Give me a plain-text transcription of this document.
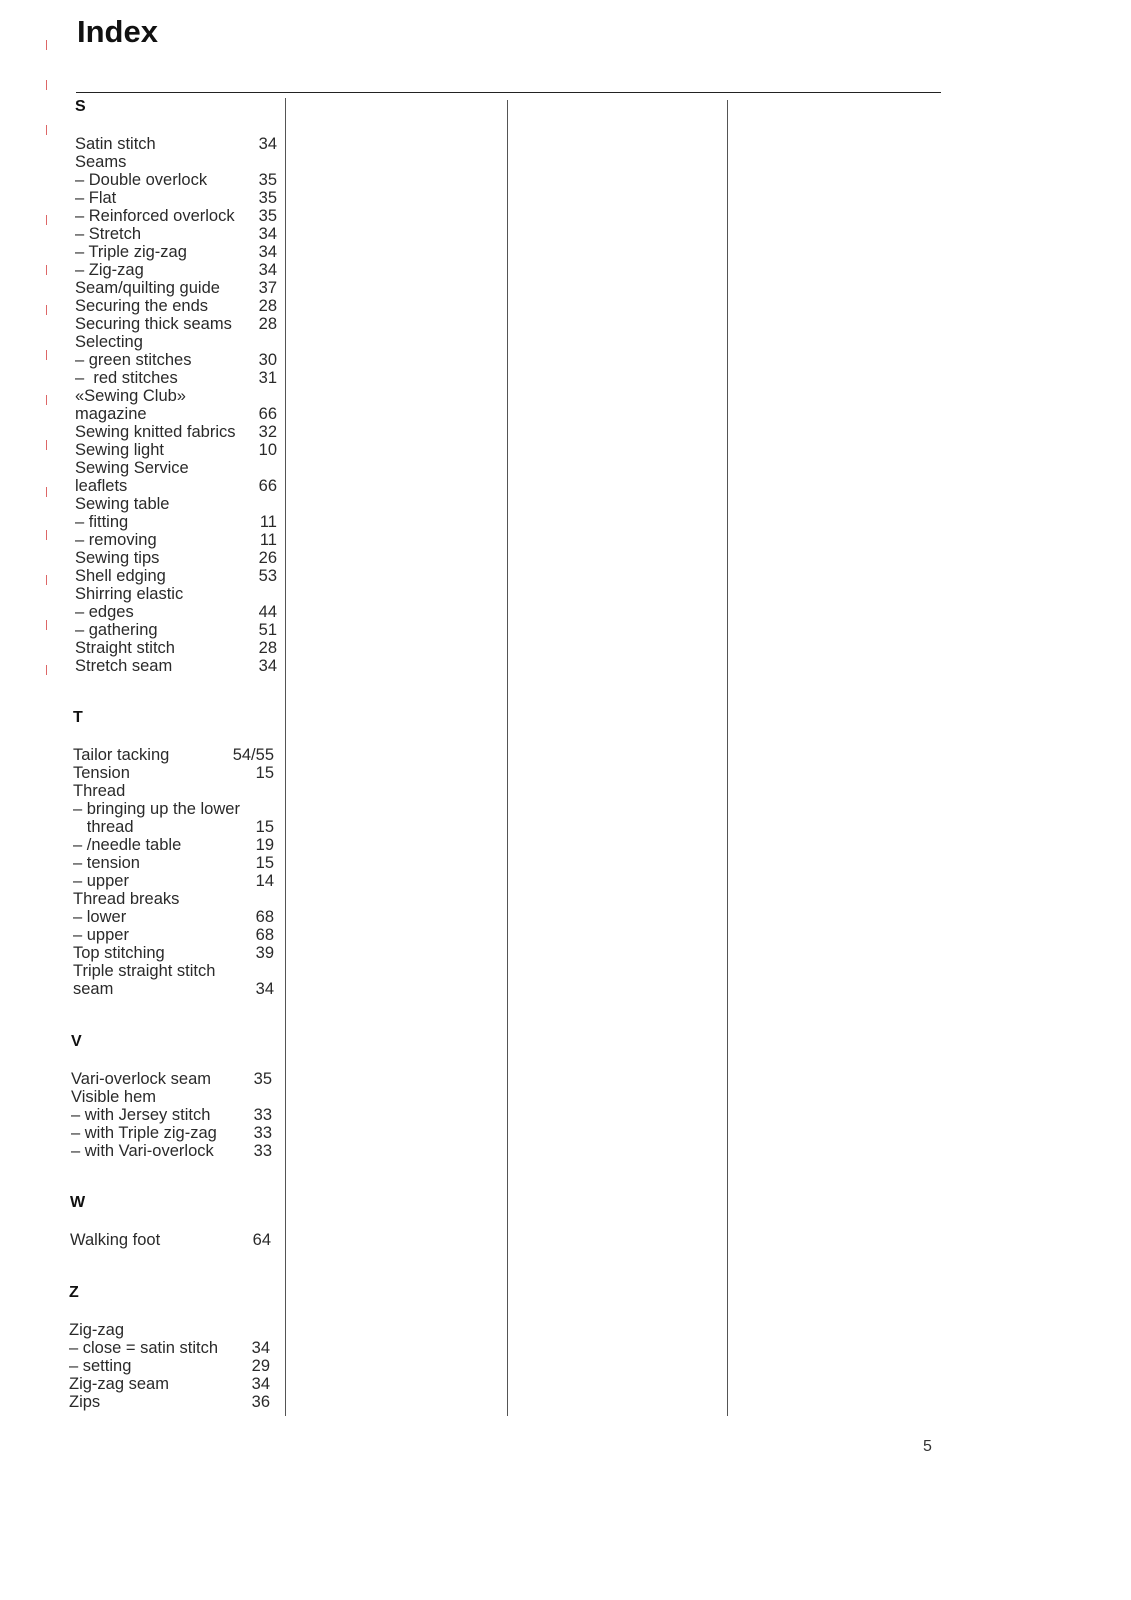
Index
S
Satin stitch	34
Seams
– Double overlock	35
– Flat	35
– Reinforced overlock 35
– Stretch	34
– Triple zig-zag	34
– Zig-zag	34
Seam/quilting guide 37
Securing the ends	28
Securing thick seams 28
Selecting
– green stitches	30
–  red stitches	31
«Sewing Club»
magazine	66
Sewing knitted fabrics 32
Sewing light	10
Sewing Service
leaflets	66
Sewing table
– fitting	11
– removing	11
Sewing tips	26
Shell edging	53
Shirring elastic
– edges	44
– gathering	51
Straight stitch	28
Stretch seam	34
T
Tailor tacking	54/55
Tension	15
Thread
– bringing up the lower
thread	15
– /needle table	19
– tension	15
– upper	14
Thread breaks
– lower	68
– upper	68
Top stitching	39
Triple straight stitch
seam	34
V
Vari-overlock seam	35
Visible hem
– with Jersey stitch	33
– with Triple zig-zag 33
– with Vari-overlock 33
W
Walking foot	64
Z
Zig-zag
– close = satin stitch 34
– setting	29
Zig-zag seam	34
Zips	36
5
